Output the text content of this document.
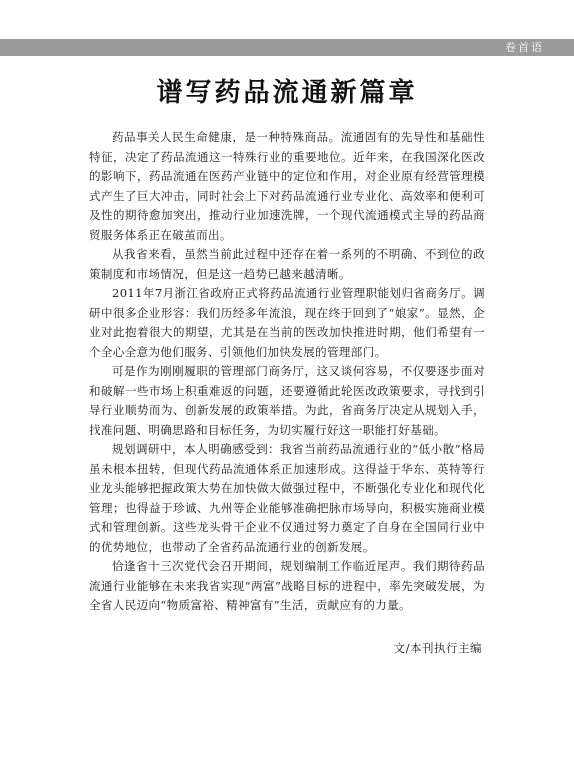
卷首语
谱写药品流通新篇章

药品事关人民生命健康，是一种特殊商品。流通固有的先导性和基础性特征，决定了药品流通这一特殊行业的重要地位。近年来，在我国深化医改的影响下，药品流通在医药产业链中的定位和作用，对企业原有经营管理模式产生了巨大冲击，同时社会上下对药品流通行业专业化、高效率和便利可及性的期待愈加突出，推动行业加速洗牌，一个现代流通模式主导的药品商贸服务体系正在破茧而出。

从我省来看，虽然当前此过程中还存在着一系列的不明确、不到位的政策制度和市场情况，但是这一趋势已越来越清晰。

2011年7月浙江省政府正式将药品流通行业管理职能划归省商务厅。调研中很多企业形容：我们历经多年流浪，现在终于回到了“娘家”。显然，企业对此抱着很大的期望，尤其是在当前的医改加快推进时期，他们希望有一个全心全意为他们服务、引领他们加快发展的管理部门。

可是作为刚刚履职的管理部门商务厅，这又谈何容易，不仅要逐步面对和破解一些市场上积重难返的问题，还要遵循此轮医改政策要求，寻找到引导行业顺势而为、创新发展的政策举措。为此，省商务厅决定从规划入手，找准问题、明确思路和目标任务，为切实履行好这一职能打好基础。

规划调研中，本人明确感受到：我省当前药品流通行业的“低小散”格局虽未根本扭转，但现代药品流通体系正加速形成。这得益于华东、英特等行业龙头能够把握政策大势在加快做大做强过程中，不断强化专业化和现代化管理；也得益于珍诚、九州等企业能够准确把脉市场导向，积极实施商业模式和管理创新。这些龙头骨干企业不仅通过努力奠定了自身在全国同行业中的优势地位，也带动了全省药品流通行业的创新发展。

恰逢省十三次党代会召开期间，规划编制工作临近尾声。我们期待药品流通行业能够在未来我省实现“两富”战略目标的进程中，率先突破发展，为全省人民迈向“物质富裕、精神富有”生活，贡献应有的力量。

文/本刊执行主编
